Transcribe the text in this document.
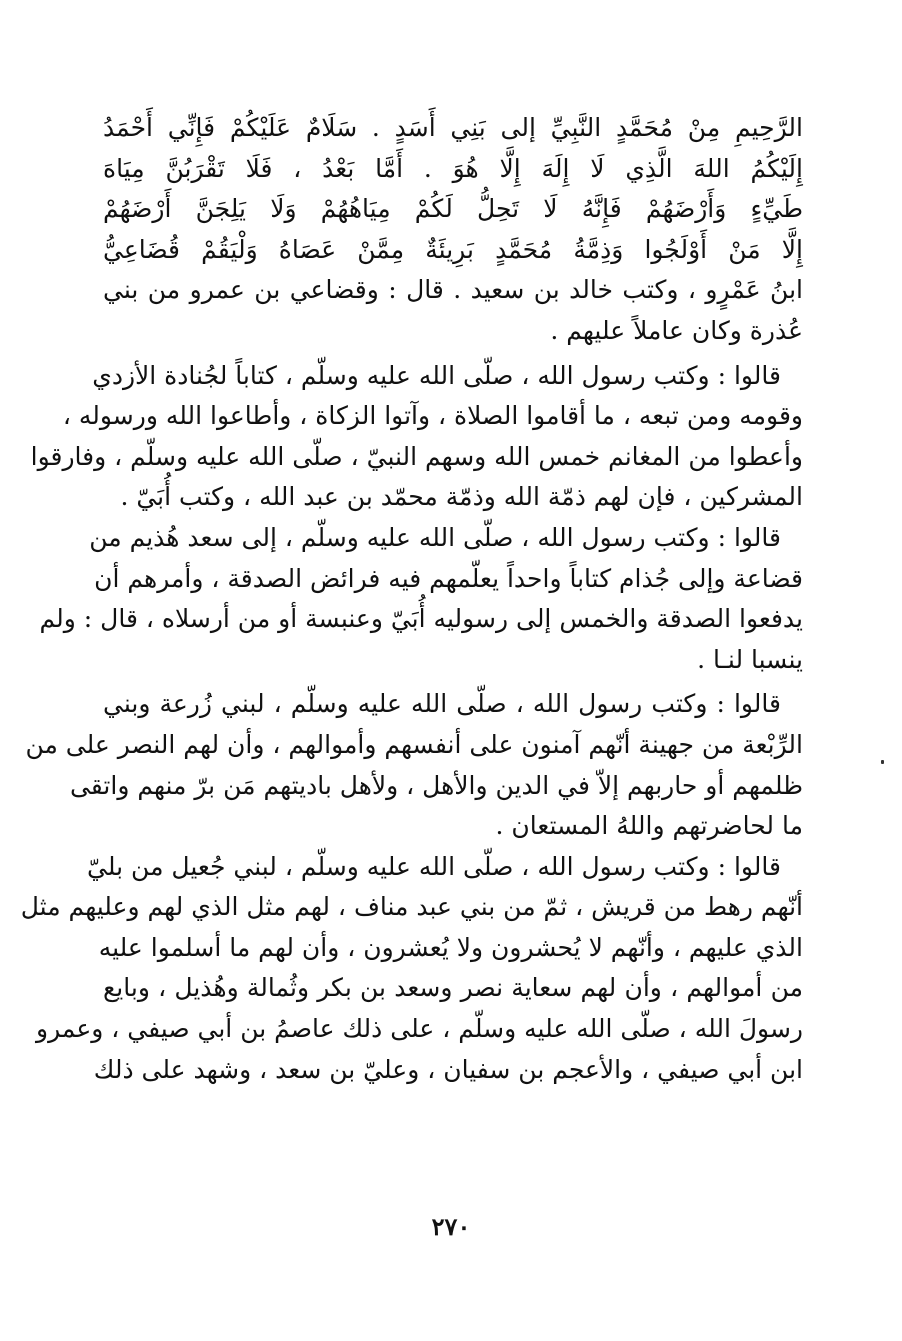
الرَّحِيمِ مِنْ مُحَمَّدٍ النَّبِيِّ إلى بَنِي أَسَدٍ . سَلَامٌ عَلَيْكُمْ فَإِنِّي أَحْمَدُ
إِلَيْكُمُ اللهَ الَّذِي لَا إِلَهَ إِلَّا هُوَ . أَمَّا بَعْدُ ، فَلَا تَقْرَبُنَّ مِيَاهَ
طَيِّءٍ وَأَرْضَهُمْ فَإِنَّهُ لَا تَحِلُّ لَكُمْ مِيَاهُهُمْ وَلَا يَلِجَنَّ أَرْضَهُمْ
إِلَّا مَنْ أَوْلَجُوا وَذِمَّةُ مُحَمَّدٍ بَرِيئَةٌ مِمَّنْ عَصَاهُ وَلْيَقُمْ قُضَاعِيُّ
ابنُ عَمْرٍو ، وكتب خالد بن سعيد . قال : وقضاعي بن عمرو من بني
عُذرة وكان عاملاً عليهم .
قالوا : وكتب رسول الله ، صلّى الله عليه وسلّم ، كتاباً لجُنادة الأزدي
وقومه ومن تبعه ، ما أقاموا الصلاة ، وآتوا الزكاة ، وأطاعوا الله ورسوله ،
وأعطوا من المغانم خمس الله وسهم النبيّ ، صلّى الله عليه وسلّم ، وفارقوا
المشركين ، فإن لهم ذمّة الله وذمّة محمّد بن عبد الله ، وكتب أُبَيّ .
قالوا : وكتب رسول الله ، صلّى الله عليه وسلّم ، إلى سعد هُذيم من
قضاعة وإلى جُذام كتاباً واحداً يعلّمهم فيه فرائض الصدقة ، وأمرهم أن
يدفعوا الصدقة والخمس إلى رسوليه أُبَيّ وعنبسة أو من أرسلاه ، قال : ولم
ينسبا لنـا .
قالوا : وكتب رسول الله ، صلّى الله عليه وسلّم ، لبني زُرعة وبني
الرِّبْعة من جهينة أنّهم آمنون على أنفسهم وأموالهم ، وأن لهم النصر على من
ظلمهم أو حاربهم إلاّ في الدين والأهل ، ولأهل باديتهم مَن برّ منهم واتقى
ما لحاضرتهم واللهُ المستعان .
قالوا : وكتب رسول الله ، صلّى الله عليه وسلّم ، لبني جُعيل من بليّ
أنّهم رهط من قريش ، ثمّ من بني عبد مناف ، لهم مثل الذي لهم وعليهم مثل
الذي عليهم ، وأنّهم لا يُحشرون ولا يُعشرون ، وأن لهم ما أسلموا عليه
من أموالهم ، وأن لهم سعاية نصر وسعد بن بكر وثُمالة وهُذيل ، وبايع
رسولَ الله ، صلّى الله عليه وسلّم ، على ذلك عاصمُ بن أبي صيفي ، وعمرو
ابن أبي صيفي ، والأعجم بن سفيان ، وعليّ بن سعد ، وشهد على ذلك
٢٧٠
